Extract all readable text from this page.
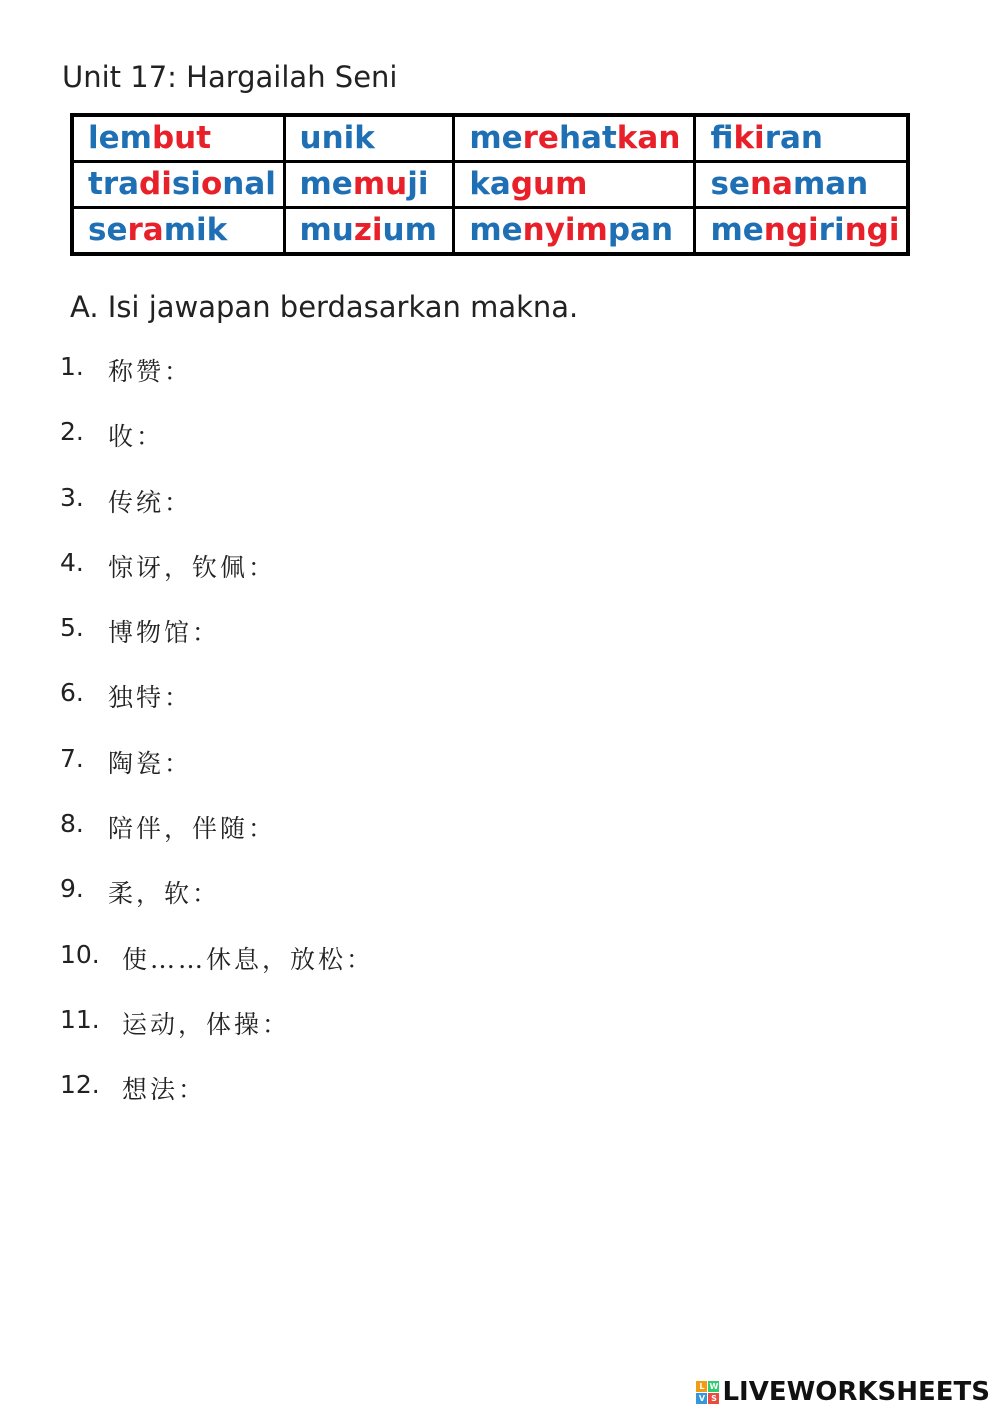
Unit 17: Hargailah Seni
lembut	unik	merehatkan	fikiran
tradisional	memuji	kagum	senaman
seramik	muzium	menyimpan	mengiringi
A. Isi jawapan berdasarkan makna.
1. 称赞：
2. 收：
3. 传统：
4. 惊讶，钦佩：
5. 博物馆：
6. 独特：
7. 陶瓷：
8. 陪伴，伴随：
9. 柔，软：
10. 使……休息，放松：
11. 运动，体操：
12. 想法：
L W
V S LIVEWORKSHEETS
